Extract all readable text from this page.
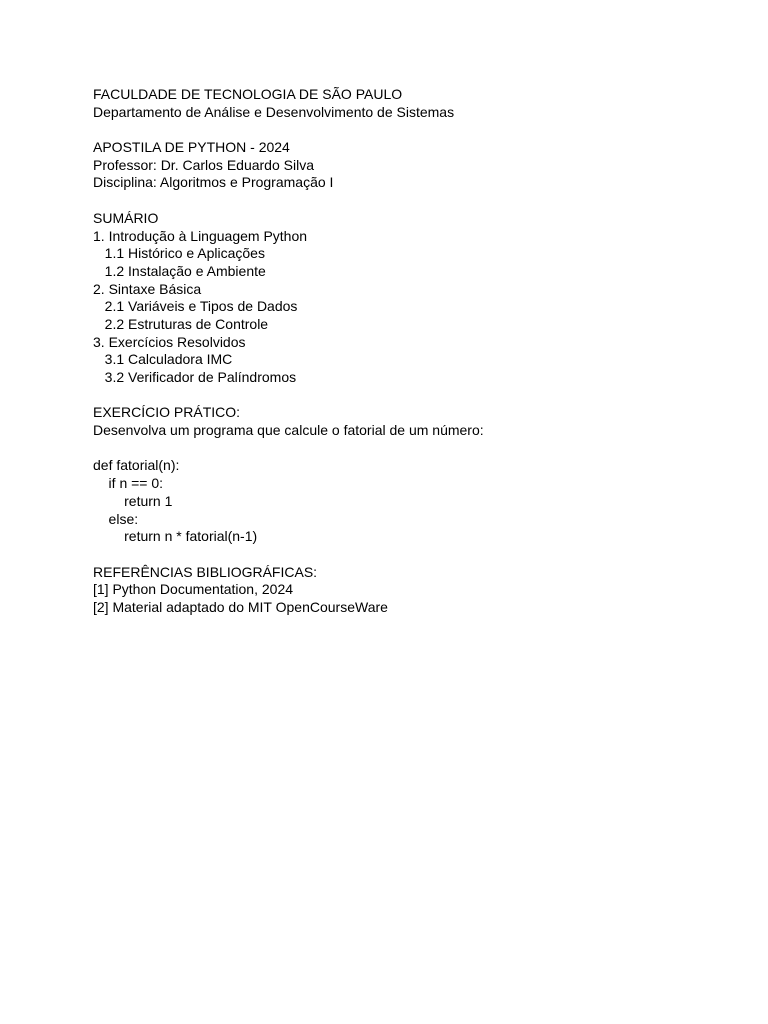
FACULDADE DE TECNOLOGIA DE SÃO PAULO
Departamento de Análise e Desenvolvimento de Sistemas
APOSTILA DE PYTHON - 2024
Professor: Dr. Carlos Eduardo Silva
Disciplina: Algoritmos e Programação I
SUMÁRIO
1. Introdução à Linguagem Python
1.1 Histórico e Aplicações
1.2 Instalação e Ambiente
2. Sintaxe Básica
2.1 Variáveis e Tipos de Dados
2.2 Estruturas de Controle
3. Exercícios Resolvidos
3.1 Calculadora IMC
3.2 Verificador de Palíndromos
EXERCÍCIO PRÁTICO:
Desenvolva um programa que calcule o fatorial de um número:
def fatorial(n):
if n == 0:
return 1
else:
return n * fatorial(n-1)
REFERÊNCIAS BIBLIOGRÁFICAS:
[1] Python Documentation, 2024
[2] Material adaptado do MIT OpenCourseWare
